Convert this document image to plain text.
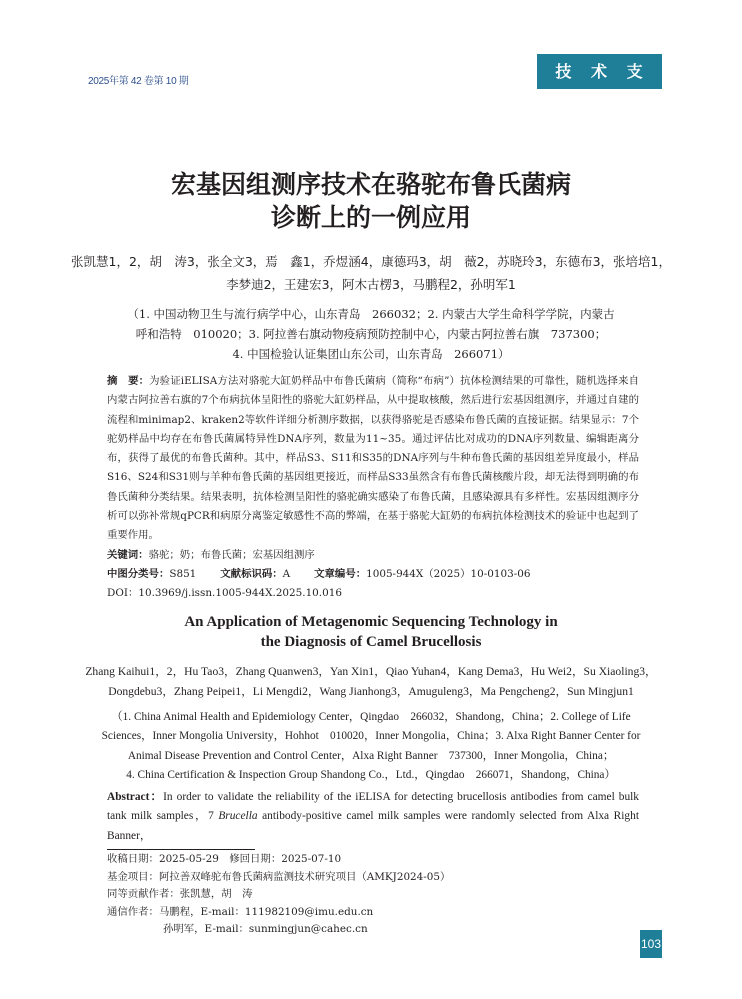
2025年第 42 卷第 10 期
技 术 支 撑
宏基因组测序技术在骆驼布鲁氏菌病
诊断上的一例应用
张凯慧1，2，胡　涛3，张全文3，焉　鑫1，乔煜涵4，康德玛3，胡　薇2，苏晓玲3，东德布3，张培培1，
李梦迪2，王建宏3，阿木古楞3，马鹏程2，孙明军1
（1. 中国动物卫生与流行病学中心，山东青岛　266032；2. 内蒙古大学生命科学学院，内蒙古
呼和浩特　010020；3. 阿拉善右旗动物疫病预防控制中心，内蒙古阿拉善右旗　737300；
4. 中国检验认证集团山东公司，山东青岛　266071）
摘　要：为验证iELISA方法对骆驼大缸奶样品中布鲁氏菌病（简称“布病”）抗体检测结果的可靠性，随机选择来自内蒙古阿拉善右旗的7个布病抗体呈阳性的骆驼大缸奶样品，从中提取核酸，然后进行宏基因组测序，并通过自建的流程和minimap2、kraken2等软件详细分析测序数据，以获得骆驼是否感染布鲁氏菌的直接证据。结果显示：7个驼奶样品中均存在布鲁氏菌属特异性DNA序列，数量为11~35。通过评估比对成功的DNA序列数量、编辑距离分布，获得了最优的布鲁氏菌种。其中，样品S3、S11和S35的DNA序列与牛种布鲁氏菌的基因组差异度最小，样品S16、S24和S31则与羊种布鲁氏菌的基因组更接近，而样品S33虽然含有布鲁氏菌核酸片段，却无法得到明确的布鲁氏菌种分类结果。结果表明，抗体检测呈阳性的骆驼确实感染了布鲁氏菌，且感染源具有多样性。宏基因组测序分析可以弥补常规qPCR和病原分离鉴定敏感性不高的弊端，在基于骆驼大缸奶的布病抗体检测技术的验证中也起到了重要作用。
关键词：骆驼；奶；布鲁氏菌；宏基因组测序
中图分类号：S851 文献标识码：A 文章编号：1005-944X（2025）10-0103-06
DOI：10.3969/j.issn.1005-944X.2025.10.016
An Application of Metagenomic Sequencing Technology in
the Diagnosis of Camel Brucellosis
Zhang Kaihui1，2，Hu Tao3，Zhang Quanwen3，Yan Xin1，Qiao Yuhan4，Kang Dema3，Hu Wei2，Su Xiaoling3，
Dongdebu3，Zhang Peipei1，Li Mengdi2，Wang Jianhong3，Amuguleng3，Ma Pengcheng2，Sun Mingjun1
（1. China Animal Health and Epidemiology Center，Qingdao　266032，Shandong，China；2. College of Life
Sciences，Inner Mongolia University，Hohhot　010020，Inner Mongolia，China；3. Alxa Right Banner Center for
Animal Disease Prevention and Control Center，Alxa Right Banner　737300，Inner Mongolia，China；
4. China Certification & Inspection Group Shandong Co.，Ltd.，Qingdao　266071，Shandong，China）
Abstract：In order to validate the reliability of the iELISA for detecting brucellosis antibodies from camel bulk tank milk samples，7 Brucella antibody-positive camel milk samples were randomly selected from Alxa Right Banner，
收稿日期：2025-05-29　 修回日期：2025-07-10
基金项目：阿拉善双峰驼布鲁氏菌病监测技术研究项目（AMKJ2024-05）
同等贡献作者：张凯慧，胡　涛
通信作者：马鹏程，E-mail：111982109@imu.edu.cn
孙明军，E-mail：sunmingjun@cahec.cn
103
